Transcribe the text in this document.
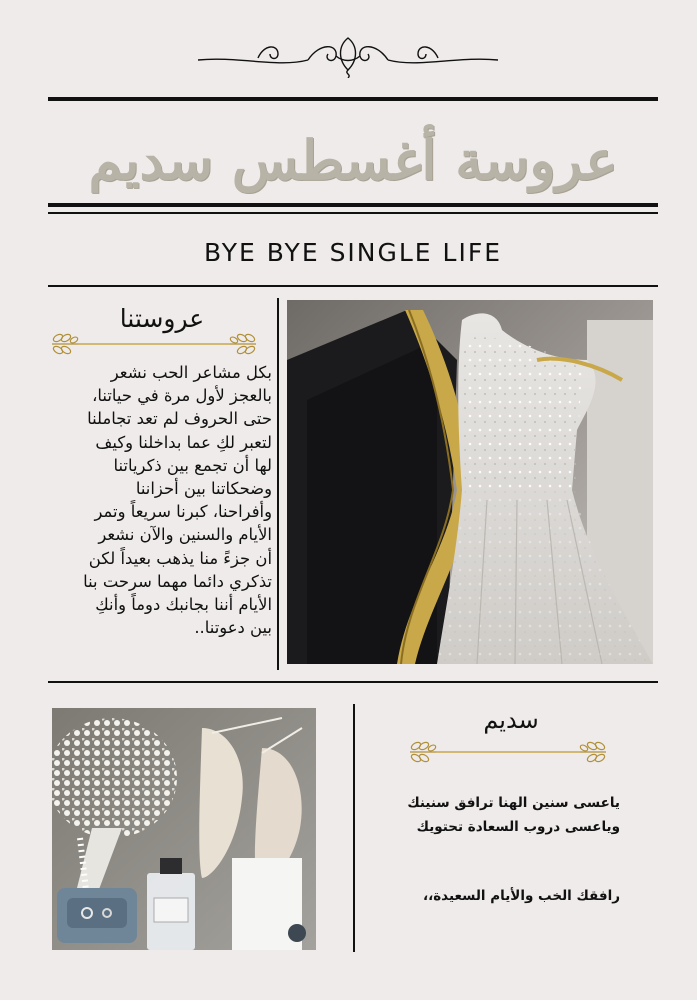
عروسة أغسطس سديم
BYE BYE SINGLE LIFE
عروستنا
بكل مشاعر الحب نشعر
بالعجز لأول مرة في حياتنا،
حتى الحروف لم تعد تجاملنا
لتعبر لكِ عما بداخلنا وكيف
لها أن تجمع بين ذكرياتنا
وضحكاتنا بين أحزاننا
وأفراحنا، كبرنا سريعاً وتمر
الأيام والسنين والآن نشعر
أن جزءً منا يذهب بعيداً لكن
تذكري دائما مهما سرحت بنا
الأيام أننا بجانبك دوماً وأنكِ
بين دعوتنا..
سديم
ياعسى سنين الهنا ترافق سنينك
وياعسى دروب السعادة تحتويك
رافقك الخب والأيام السعيدة،،
